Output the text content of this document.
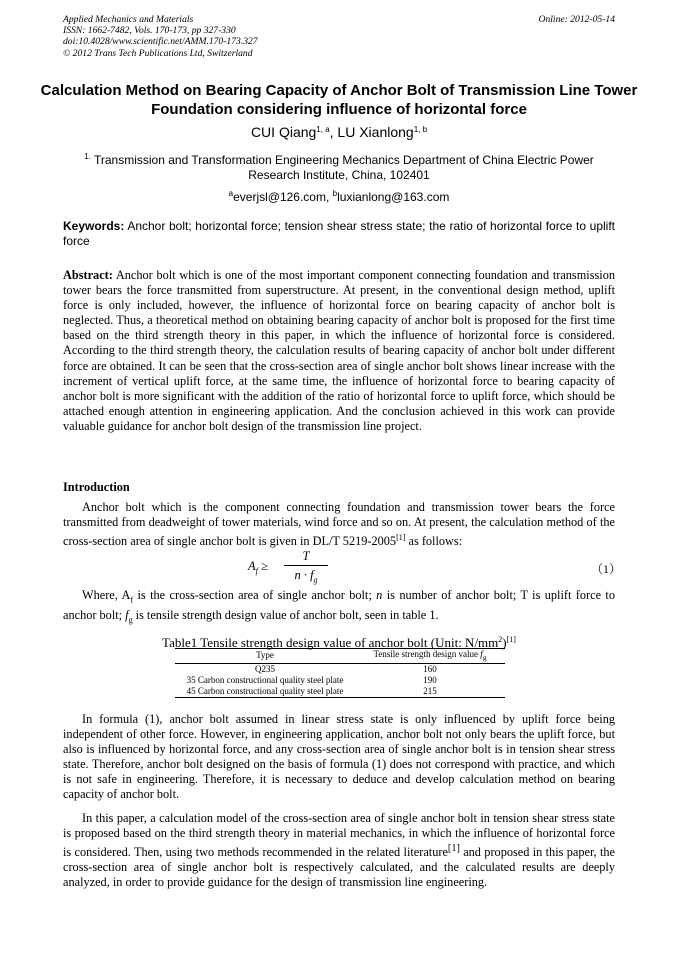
Applied Mechanics and Materials
ISSN: 1662-7482, Vols. 170-173, pp 327-330
doi:10.4028/www.scientific.net/AMM.170-173.327
© 2012 Trans Tech Publications Ltd, Switzerland
Online: 2012-05-14
Calculation Method on Bearing Capacity of Anchor Bolt of Transmission Line Tower Foundation considering influence of horizontal force
CUI Qiang$^{1, a}$, LU Xianlong$^{1, b}$
$^{1.}$ Transmission and Transformation Engineering Mechanics Department of China Electric Power Research Institute, China, 102401
$^a$everjsl@126.com, $^b$luxianlong@163.com
Keywords: Anchor bolt; horizontal force; tension shear stress state; the ratio of horizontal force to uplift force
Abstract: Anchor bolt which is one of the most important component connecting foundation and transmission tower bears the force transmitted from superstructure. At present, in the conventional design method, uplift force is only included, however, the influence of horizontal force on bearing capacity of anchor bolt is neglected. Thus, a theoretical method on obtaining bearing capacity of anchor bolt is proposed for the first time based on the third strength theory in this paper, in which the influence of horizontal force is considered. According to the third strength theory, the calculation results of bearing capacity of anchor bolt under different force are obtained. It can be seen that the cross-section area of single anchor bolt shows linear increase with the increment of vertical uplift force, at the same time, the influence of horizontal force to bearing capacity of anchor bolt is more significant with the addition of the ratio of horizontal force to uplift force, which should be attached enough attention in engineering application. And the conclusion achieved in this work can provide valuable guidance for anchor bolt design of the transmission line project.
Introduction
Anchor bolt which is the component connecting foundation and transmission tower bears the force transmitted from deadweight of tower materials, wind force and so on. At present, the calculation method of the cross-section area of single anchor bolt is given in DL/T 5219-2005[1] as follows:
$A_f$ ≥
T
$n \cdot f_g$
（1）
Where, $A_f$ is the cross-section area of single anchor bolt; n is number of anchor bolt; T is uplift force to anchor bolt; $f_g$ is tensile strength design value of anchor bolt, seen in table 1.
Table1 Tensile strength design value of anchor bolt (Unit: $N/mm^2)[1]$
Type	Tensile strength design value $f_g$
Q235	160
35 Carbon constructional quality steel plate	190
45 Carbon constructional quality steel plate	215
In formula (1), anchor bolt assumed in linear stress state is only influenced by uplift force being independent of other force. However, in engineering application, anchor bolt not only bears the uplift force, but also is influenced by horizontal force, and any cross-section area of single anchor bolt is in tension shear stress state. Therefore, anchor bolt designed on the basis of formula (1) does not correspond with practice, and which is not safe in engineering. Therefore, it is necessary to deduce and develop calculation method on bearing capacity of anchor bolt.
In this paper, a calculation model of the cross-section area of single anchor bolt in tension shear stress state is proposed based on the third strength theory in material mechanics, in which the influence of horizontal force is considered. Then, using two methods recommended in the related literature[1] and proposed in this paper, the cross-section area of single anchor bolt is respectively calculated, and the calculated results are deeply analyzed, in order to provide guidance for the design of transmission line engineering.
